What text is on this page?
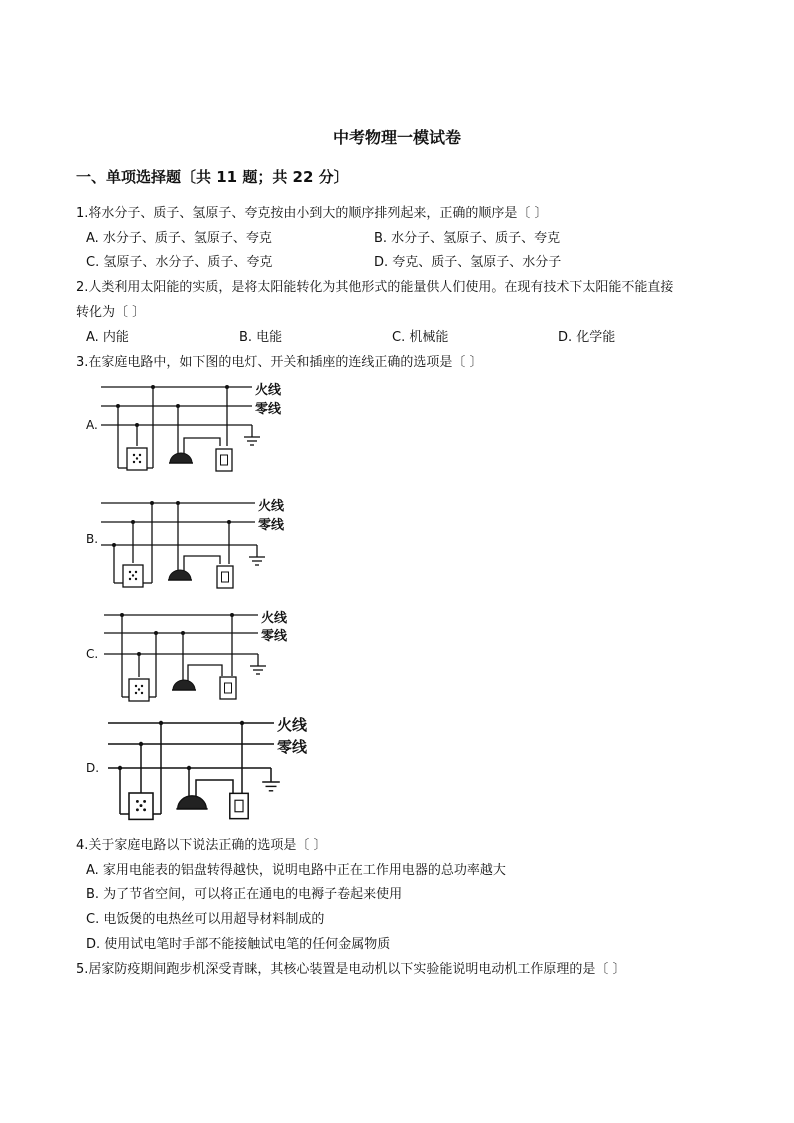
中考物理一模试卷
一、单项选择题〔共 11 题；共 22 分〕
1.将水分子、质子、氢原子、夸克按由小到大的顺序排列起来，正确的顺序是〔 〕
A. 水分子、质子、氢原子、夸克	B. 水分子、氢原子、质子、夸克
C. 氢原子、水分子、质子、夸克	D. 夸克、质子、氢原子、水分子
2.人类利用太阳能的实质，是将太阳能转化为其他形式的能量供人们使用。在现有技术下太阳能不能直接
转化为〔 〕
A. 内能	B. 电能	C. 机械能	D. 化学能
3.在家庭电路中，如下图的电灯、开关和插座的连线正确的选项是〔 〕
A.
火线
零线
B.
火线
零线
C.
火线
零线
D.
火线
零线
4.关于家庭电路以下说法正确的选项是〔 〕
A. 家用电能表的铝盘转得越快，说明电路中正在工作用电器的总功率越大
B. 为了节省空间，可以将正在通电的电褥子卷起来使用
C. 电饭煲的电热丝可以用超导材料制成的
D. 使用试电笔时手部不能接触试电笔的任何金属物质
5.居家防疫期间跑步机深受青睐，其核心装置是电动机以下实验能说明电动机工作原理的是〔 〕
